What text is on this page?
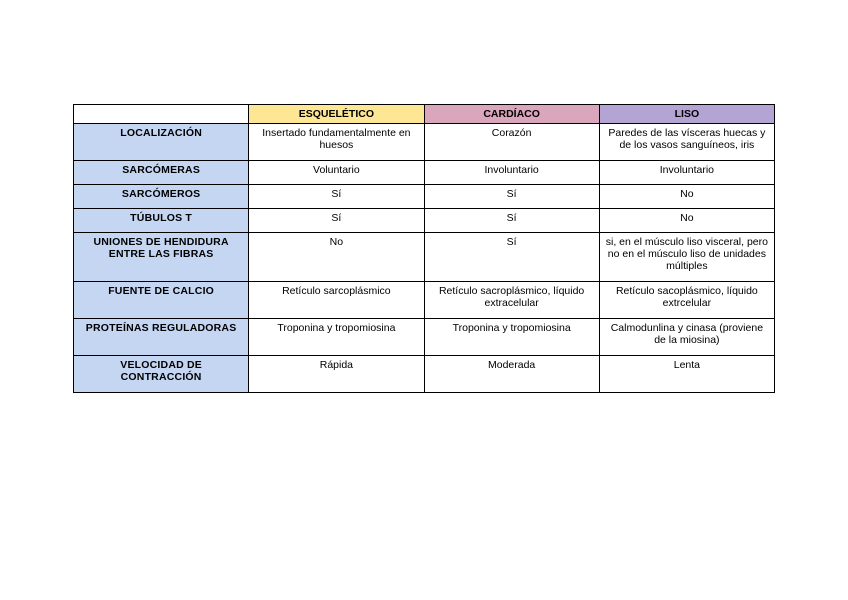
	ESQUELÉTICO	CARDÍACO	LISO
LOCALIZACIÓN	Insertado fundamentalmente en huesos	Corazón	Paredes de las vísceras huecas y de los vasos sanguíneos, iris
SARCÓMERAS	Voluntario	Involuntario	Involuntario
SARCÓMEROS	Sí	Sí	No
TÚBULOS T	Sí	Sí	No
UNIONES DE HENDIDURA ENTRE LAS FIBRAS	No	Sí	si, en el músculo liso visceral, pero no en el músculo liso de unidades múltiples
FUENTE DE CALCIO	Retículo sarcoplásmico	Retículo sacroplásmico, líquido extracelular	Retículo sacoplásmico, líquido extrcelular
PROTEÍNAS REGULADORAS	Troponina y tropomiosina	Troponina y tropomiosina	Calmodunlina y cinasa (proviene de la miosina)
VELOCIDAD DE CONTRACCIÓN	Rápida	Moderada	Lenta
